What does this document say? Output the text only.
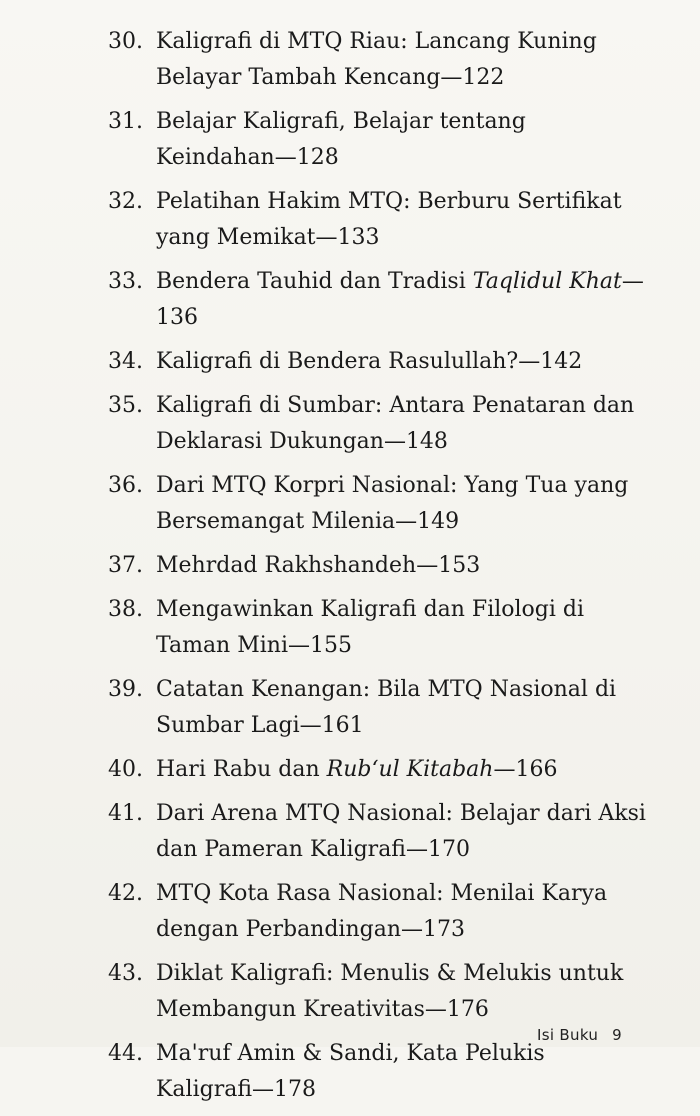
30. Kaligrafi di MTQ Riau: Lancang Kuning
Belayar Tambah Kencang—122
31. Belajar Kaligrafi, Belajar tentang
Keindahan—128
32. Pelatihan Hakim MTQ: Berburu Sertifikat
yang Memikat—133
33. Bendera Tauhid dan Tradisi Taqlidul Khat—
136
34. Kaligrafi di Bendera Rasulullah?—142
35. Kaligrafi di Sumbar: Antara Penataran dan
Deklarasi Dukungan—148
36. Dari MTQ Korpri Nasional: Yang Tua yang
Bersemangat Milenia—149
37. Mehrdad Rakhshandeh—153
38. Mengawinkan Kaligrafi dan Filologi di
Taman Mini—155
39. Catatan Kenangan: Bila MTQ Nasional di
Sumbar Lagi—161
40. Hari Rabu dan Rub‘ul Kitabah—166
41. Dari Arena MTQ Nasional: Belajar dari Aksi
dan Pameran Kaligrafi—170
42. MTQ Kota Rasa Nasional: Menilai Karya
dengan Perbandingan—173
43. Diklat Kaligrafi: Menulis & Melukis untuk
Membangun Kreativitas—176
44. Ma'ruf Amin & Sandi, Kata Pelukis
Kaligrafi—178
Isi Buku 9
